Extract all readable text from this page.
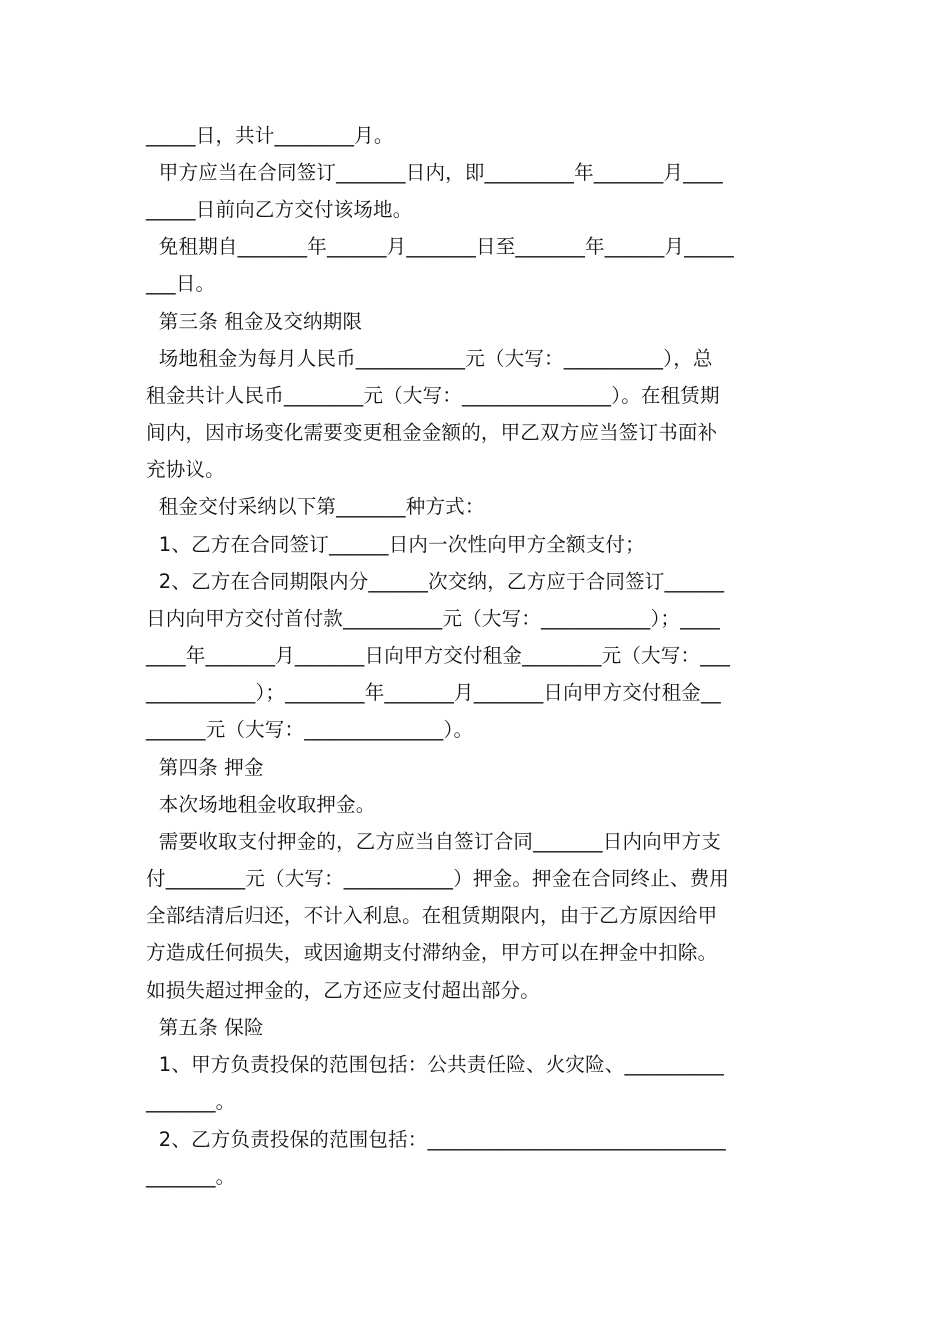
_____日，共计________月。
甲方应当在合同签订_______日内，即_________年_______月____
_____日前向乙方交付该场地。
免租期自_______年______月_______日至_______年______月_____
___日。
第三条 租金及交纳期限
场地租金为每月人民币___________元（大写：__________），总
租金共计人民币________元（大写：_______________）。在租赁期
间内，因市场变化需要变更租金金额的，甲乙双方应当签订书面补
充协议。
租金交付采纳以下第_______种方式：
1、乙方在合同签订______日内一次性向甲方全额支付；
2、乙方在合同期限内分______次交纳，乙方应于合同签订______
日内向甲方交付首付款__________元（大写：___________）；____
____年_______月_______日向甲方交付租金________元（大写：___
___________）；________年_______月_______日向甲方交付租金__
______元（大写：______________）。
第四条 押金
本次场地租金收取押金。
需要收取支付押金的，乙方应当自签订合同_______日内向甲方支
付________元（大写：___________）押金。押金在合同终止、费用
全部结清后归还，不计入利息。在租赁期限内，由于乙方原因给甲
方造成任何损失，或因逾期支付滞纳金，甲方可以在押金中扣除。
如损失超过押金的，乙方还应支付超出部分。
第五条 保险
1、甲方负责投保的范围包括：公共责任险、火灾险、__________
_______。
2、乙方负责投保的范围包括：______________________________
_______。
